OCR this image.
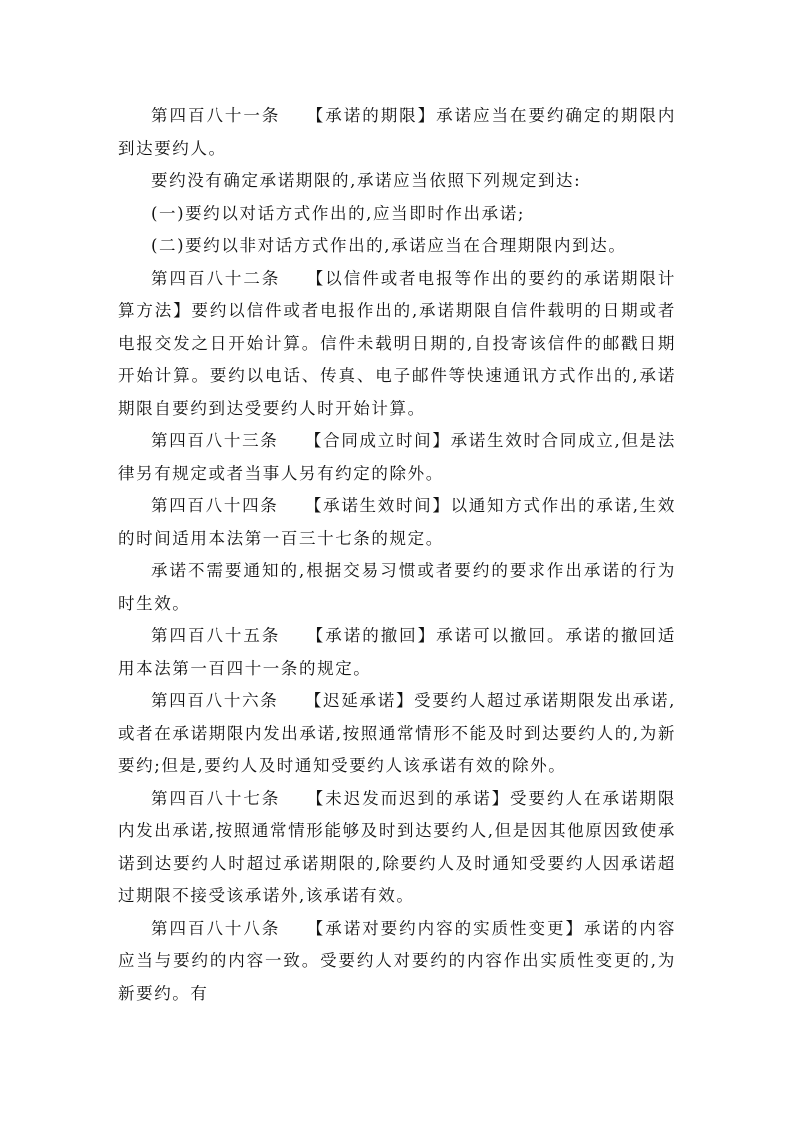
第四百八十一条 【承诺的期限】承诺应当在要约确定的期限内到达要约人。

要约没有确定承诺期限的,承诺应当依照下列规定到达:

(一)要约以对话方式作出的,应当即时作出承诺;

(二)要约以非对话方式作出的,承诺应当在合理期限内到达。

第四百八十二条 【以信件或者电报等作出的要约的承诺期限计算方法】要约以信件或者电报作出的,承诺期限自信件载明的日期或者电报交发之日开始计算。信件未载明日期的,自投寄该信件的邮戳日期开始计算。要约以电话、传真、电子邮件等快速通讯方式作出的,承诺期限自要约到达受要约人时开始计算。

第四百八十三条 【合同成立时间】承诺生效时合同成立,但是法律另有规定或者当事人另有约定的除外。

第四百八十四条 【承诺生效时间】以通知方式作出的承诺,生效的时间适用本法第一百三十七条的规定。

承诺不需要通知的,根据交易习惯或者要约的要求作出承诺的行为时生效。

第四百八十五条 【承诺的撤回】承诺可以撤回。承诺的撤回适用本法第一百四十一条的规定。

第四百八十六条 【迟延承诺】受要约人超过承诺期限发出承诺,或者在承诺期限内发出承诺,按照通常情形不能及时到达要约人的,为新要约;但是,要约人及时通知受要约人该承诺有效的除外。

第四百八十七条 【未迟发而迟到的承诺】受要约人在承诺期限内发出承诺,按照通常情形能够及时到达要约人,但是因其他原因致使承诺到达要约人时超过承诺期限的,除要约人及时通知受要约人因承诺超过期限不接受该承诺外,该承诺有效。

第四百八十八条 【承诺对要约内容的实质性变更】承诺的内容应当与要约的内容一致。受要约人对要约的内容作出实质性变更的,为新要约。有
